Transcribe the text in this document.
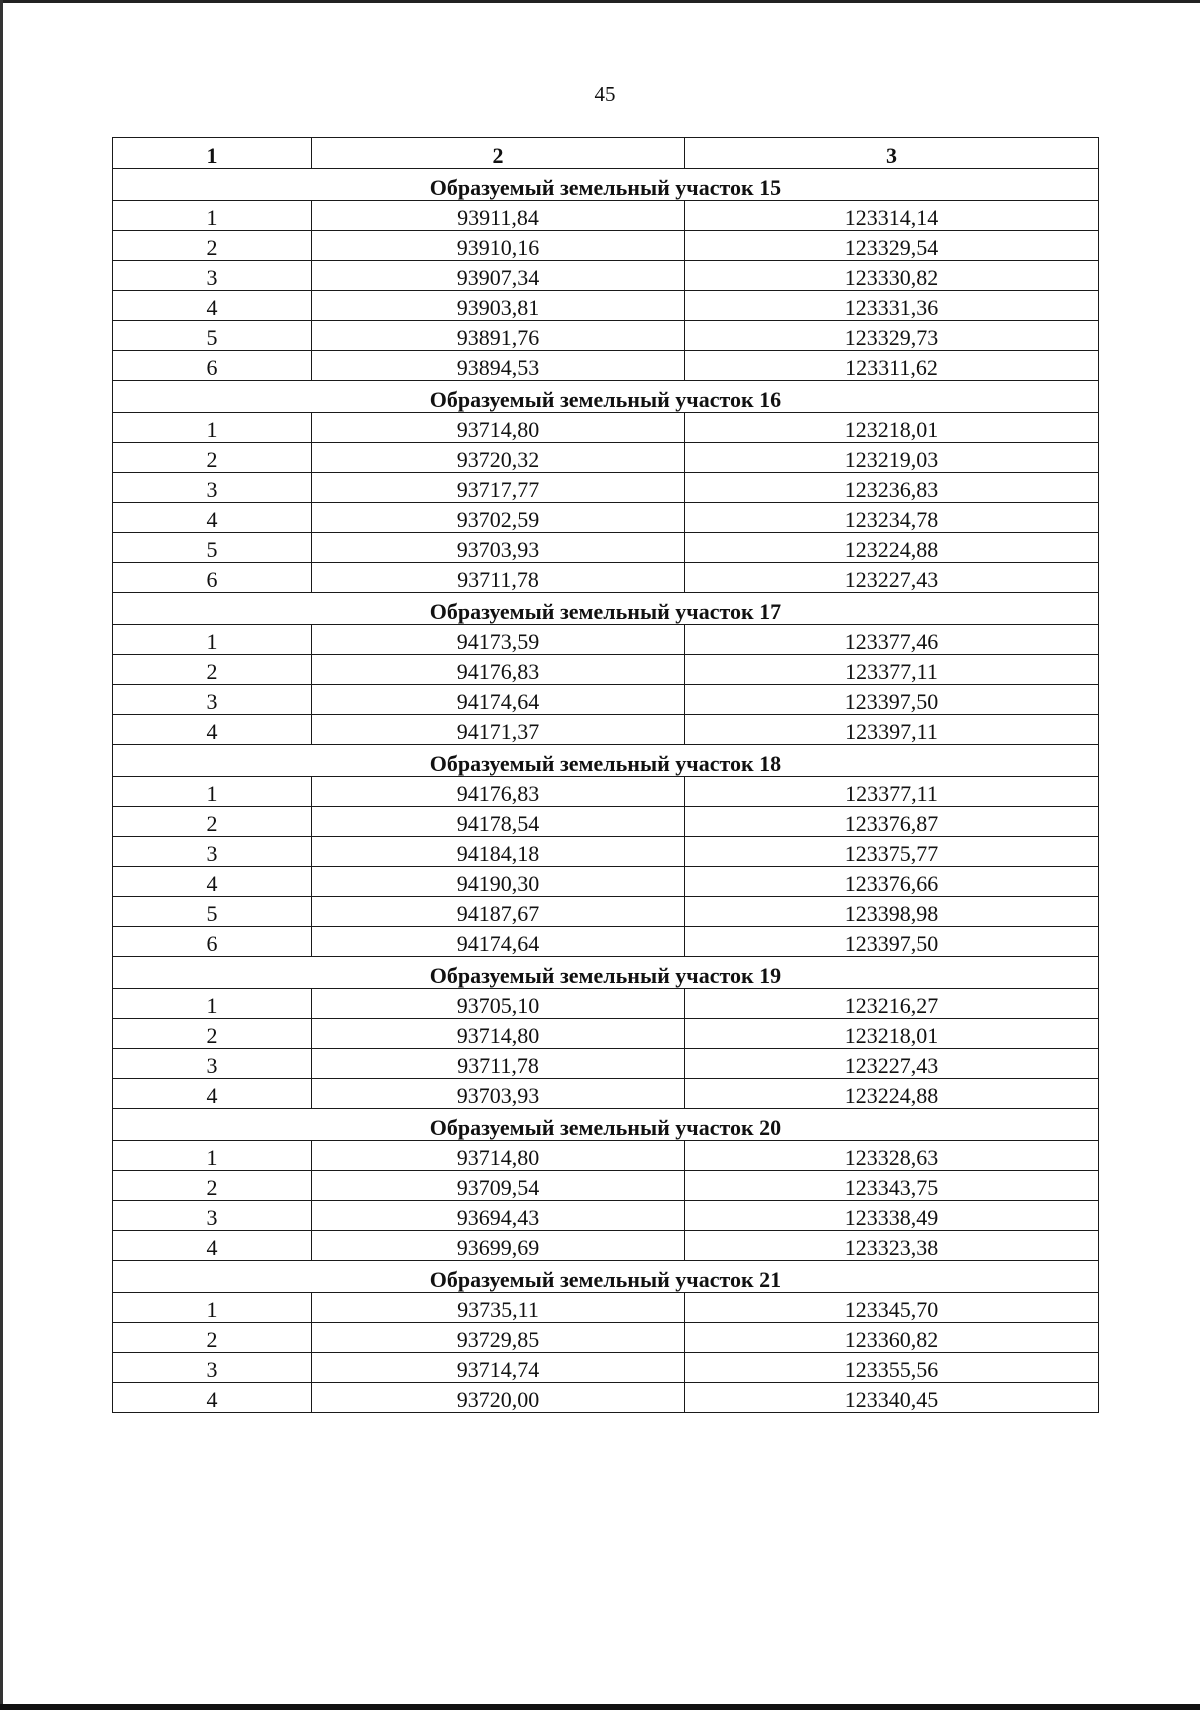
45
1	2	3
Образуемый земельный участок 15		
1	93911,84	123314,14
2	93910,16	123329,54
3	93907,34	123330,82
4	93903,81	123331,36
5	93891,76	123329,73
6	93894,53	123311,62
Образуемый земельный участок 16		
1	93714,80	123218,01
2	93720,32	123219,03
3	93717,77	123236,83
4	93702,59	123234,78
5	93703,93	123224,88
6	93711,78	123227,43
Образуемый земельный участок 17		
1	94173,59	123377,46
2	94176,83	123377,11
3	94174,64	123397,50
4	94171,37	123397,11
Образуемый земельный участок 18		
1	94176,83	123377,11
2	94178,54	123376,87
3	94184,18	123375,77
4	94190,30	123376,66
5	94187,67	123398,98
6	94174,64	123397,50
Образуемый земельный участок 19		
1	93705,10	123216,27
2	93714,80	123218,01
3	93711,78	123227,43
4	93703,93	123224,88
Образуемый земельный участок 20		
1	93714,80	123328,63
2	93709,54	123343,75
3	93694,43	123338,49
4	93699,69	123323,38
Образуемый земельный участок 21		
1	93735,11	123345,70
2	93729,85	123360,82
3	93714,74	123355,56
4	93720,00	123340,45
